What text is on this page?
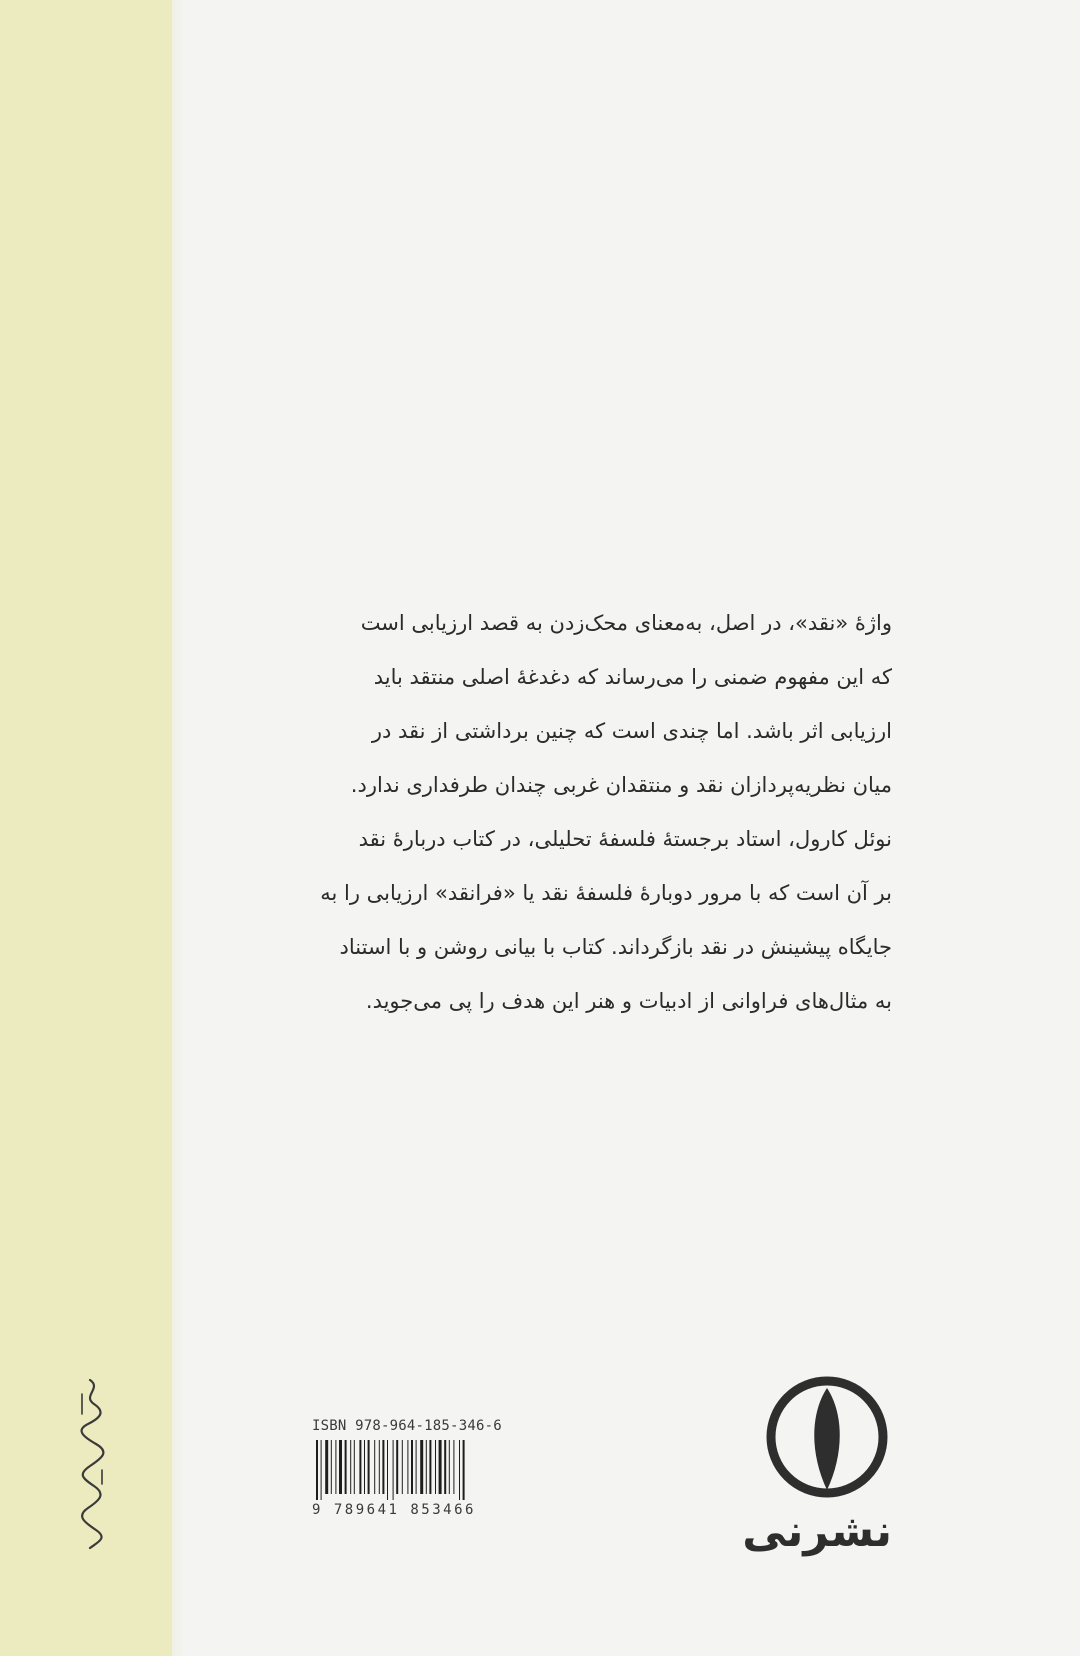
واژهٔ «نقد»، در اصل، به‌معنای محک‌زدن به قصد ارزیابی است
که این مفهوم ضمنی را می‌رساند که دغدغهٔ اصلی منتقد باید
ارزیابی اثر باشد. اما چندی است که چنین برداشتی از نقد در
میان نظریه‌پردازان نقد و منتقدان غربی چندان طرفداری ندارد.
نوئل کارول، استاد برجستهٔ فلسفهٔ تحلیلی، در کتاب دربارهٔ نقد
بر آن است که با مرور دوبارهٔ فلسفهٔ نقد یا «فرانقد» ارزیابی را به
جایگاه پیشینش در نقد بازگرداند. کتاب با بیانی روشن و با استناد
به مثال‌های فراوانی از ادبیات و هنر این هدف را پی می‌جوید.
ISBN 978-964-185-346-6
9 789641 853466	نشرنی
